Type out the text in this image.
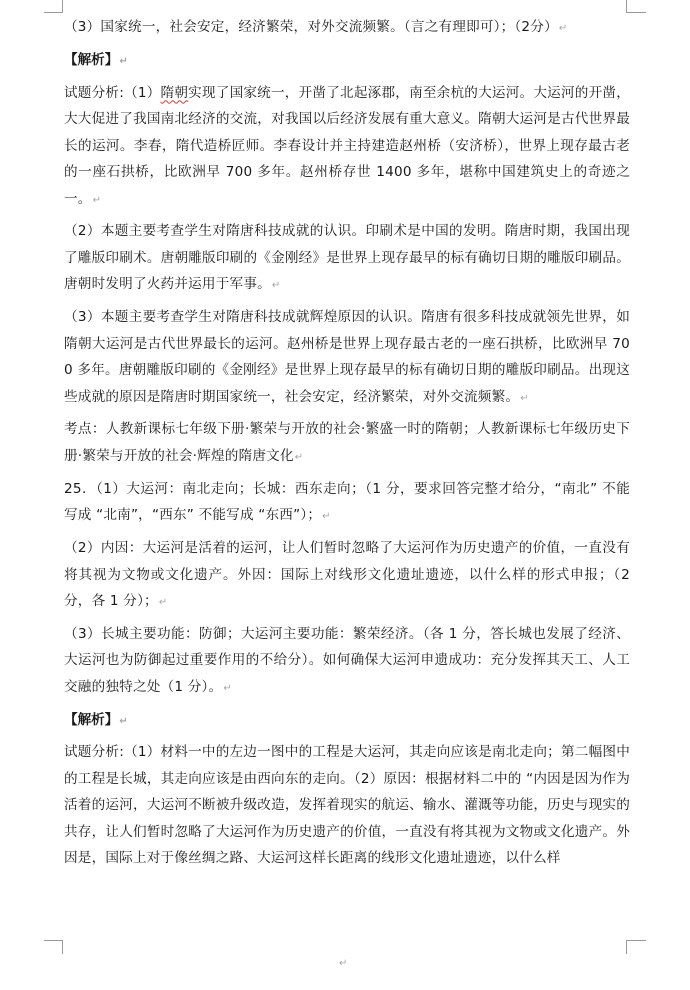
（3）国家统一，社会安定，经济繁荣，对外交流频繁。（言之有理即可）；（2分）↵

【解析】↵

试题分析:（1）隋朝实现了国家统一，开凿了北起涿郡，南至余杭的大运河。大运河的开凿，大大促进了我国南北经济的交流，对我国以后经济发展有重大意义。隋朝大运河是古代世界最长的运河。李春，隋代造桥匠师。李春设计并主持建造赵州桥（安济桥），世界上现存最古老的一座石拱桥，比欧洲早 700 多年。赵州桥存世 1400 多年，堪称中国建筑史上的奇迹之一。↵

（2）本题主要考查学生对隋唐科技成就的认识。印刷术是中国的发明。隋唐时期，我国出现了雕版印刷术。唐朝雕版印刷的《金刚经》是世界上现存最早的标有确切日期的雕版印刷品。唐朝时发明了火药并运用于军事。↵

（3）本题主要考查学生对隋唐科技成就辉煌原因的认识。隋唐有很多科技成就领先世界，如隋朝大运河是古代世界最长的运河。赵州桥是世界上现存最古老的一座石拱桥，比欧洲早 700 多年。唐朝雕版印刷的《金刚经》是世界上现存最早的标有确切日期的雕版印刷品。出现这些成就的原因是隋唐时期国家统一，社会安定，经济繁荣，对外交流频繁。↵

考点：人教新课标七年级下册·繁荣与开放的社会·繁盛一时的隋朝；人教新课标七年级历史下册·繁荣与开放的社会·辉煌的隋唐文化↵

25．（1）大运河：南北走向；长城：西东走向；（1 分，要求回答完整才给分，“南北” 不能写成 “北南”，“西东” 不能写成 “东西”）；↵

（2）内因：大运河是活着的运河，让人们暂时忽略了大运河作为历史遗产的价值，一直没有将其视为文物或文化遗产。外因：国际上对线形文化遗址遗迹，以什么样的形式申报；（2 分，各 1 分）；↵

（3）长城主要功能：防御；大运河主要功能：繁荣经济。（各 1 分，答长城也发展了经济、大运河也为防御起过重要作用的不给分）。如何确保大运河申遗成功：充分发挥其天工、人工交融的独特之处（1 分）。↵

【解析】↵

试题分析:（1）材料一中的左边一图中的工程是大运河，其走向应该是南北走向；第二幅图中的工程是长城，其走向应该是由西向东的走向。（2）原因：根据材料二中的 “内因是因为作为活着的运河，大运河不断被升级改造，发挥着现实的航运、输水、灌溉等功能，历史与现实的共存，让人们暂时忽略了大运河作为历史遗产的价值，一直没有将其视为文物或文化遗产。外因是，国际上对于像丝绸之路、大运河这样长距离的线形文化遗址遗迹，以什么样

↵
